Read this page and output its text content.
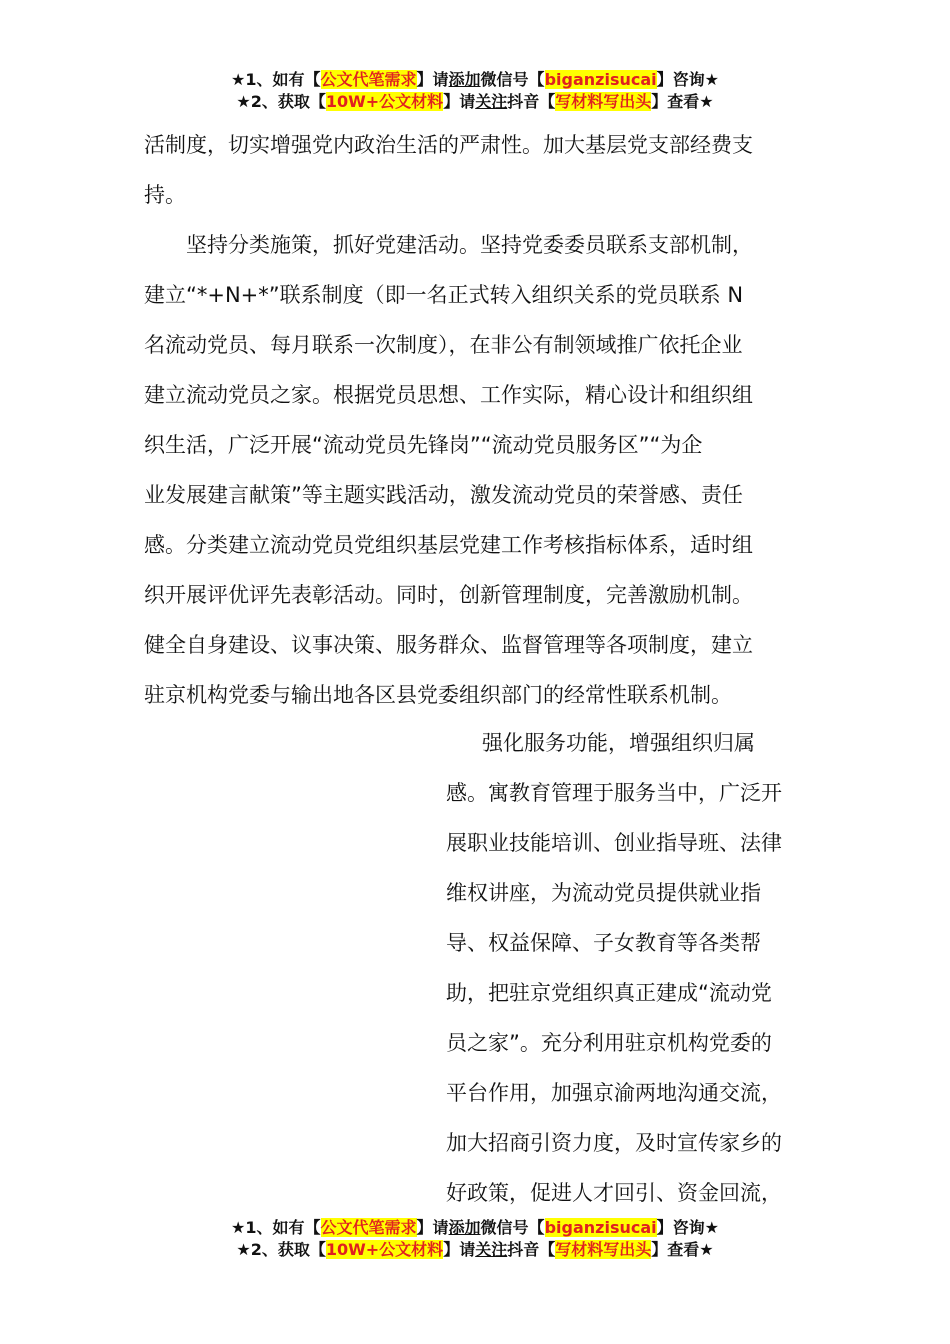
★1、如有【公文代笔需求】请添加微信号【biganzisucai】咨询★
★2、获取【10W+公文材料】请关注抖音【写材料写出头】查看★

活制度，切实增强党内政治生活的严肃性。加大基层党支部经费支
持。

坚持分类施策，抓好党建活动。坚持党委委员联系支部机制，
建立“*+N+*”联系制度（即一名正式转入组织关系的党员联系 N
名流动党员、每月联系一次制度），在非公有制领域推广依托企业
建立流动党员之家。根据党员思想、工作实际，精心设计和组织组
织生活，广泛开展“流动党员先锋岗”“流动党员服务区”“为企
业发展建言献策”等主题实践活动，激发流动党员的荣誉感、责任
感。分类建立流动党员党组织基层党建工作考核指标体系，适时组
织开展评优评先表彰活动。同时，创新管理制度，完善激励机制。
健全自身建设、议事决策、服务群众、监督管理等各项制度，建立
驻京机构党委与输出地各区县党委组织部门的经常性联系机制。

强化服务功能，增强组织归属
感。寓教育管理于服务当中，广泛开
展职业技能培训、创业指导班、法律
维权讲座，为流动党员提供就业指
导、权益保障、子女教育等各类帮
助，把驻京党组织真正建成“流动党
员之家”。充分利用驻京机构党委的
平台作用，加强京渝两地沟通交流，
加大招商引资力度，及时宣传家乡的
好政策，促进人才回引、资金回流，
★1、如有【公文代笔需求】请添加微信号【biganzisucai】咨询★
★2、获取【10W+公文材料】请关注抖音【写材料写出头】查看★
